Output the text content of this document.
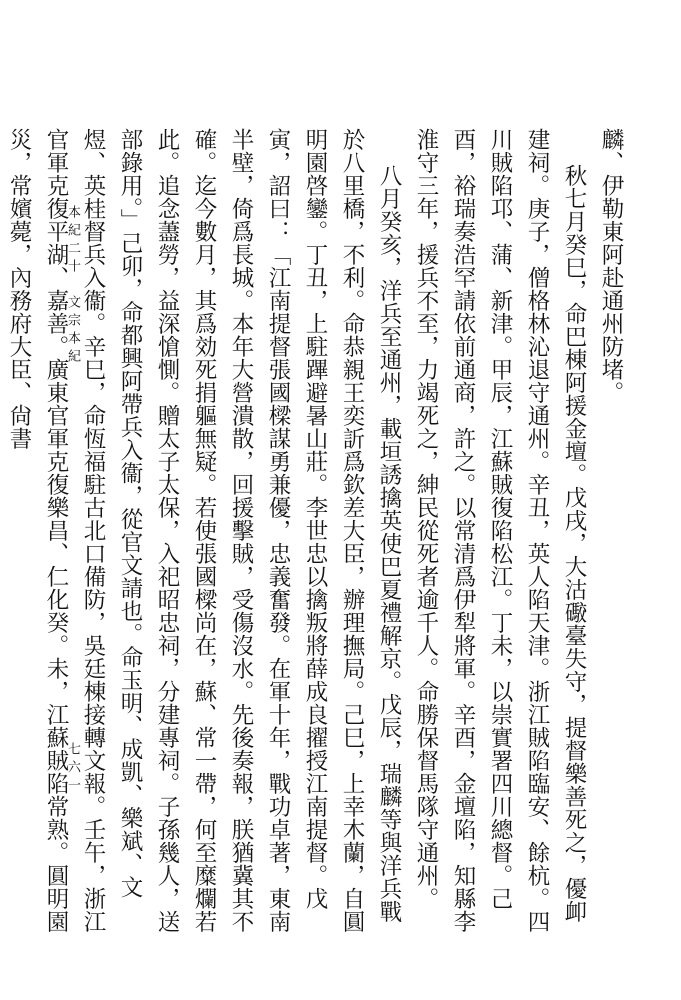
麟、伊勒東阿赴通州防堵。

秋七月癸巳，命巴棟阿援金壇。戊戌，大沽礮臺失守，提督樂善死之，優卹建祠。庚子，僧格林沁退守通州。辛丑，英人陷天津。浙江賊陷臨安、餘杭。四川賊陷邛、蒲、新津。甲辰，江蘇賊復陷松江。丁未，以崇實署四川總督。己酉，裕瑞奏浩罕請依前通商，許之。以常清爲伊犁將軍。辛酉，金壇陷，知縣李淮守三年，援兵不至，力竭死之，紳民從死者逾千人。命勝保督馬隊守通州。

八月癸亥，洋兵至通州，載垣誘擒英使巴夏禮解京。戊辰，瑞麟等與洋兵戰於八里橋，不利。命恭親王奕訢爲欽差大臣，辦理撫局。己巳，上幸木蘭，自圓明園啓鑾。丁丑，上駐蹕避暑山莊。李世忠以擒叛將薛成良擢授江南提督。戊寅，詔曰：「江南提督張國樑謀勇兼優，忠義奮發。在軍十年，戰功卓著，東南半壁，倚爲長城。本年大營潰散，回援擊賊，受傷沒水。先後奏報，朕猶冀其不確。迄今數月，其爲効死捐軀無疑。若使張國樑尚在，蘇、常一帶，何至糜爛若此。追念藎勞，益深愴惻。贈太子太保，入祀昭忠祠，分建專祠。子孫幾人，送部錄用。」己卯，命都興阿帶兵入衞，從官文請也。命玉明、成凱、樂斌、文煜、英桂督兵入衞。辛巳，命恆福駐古北口備防，吳廷棟接轉文報。壬午，浙江官軍克復平湖、嘉善。廣東官軍克復樂昌、仁化癸。未，江蘇賊陷常熟。圓明園災，常嬪薨，內務府大臣、尙書	本紀二十　文宗本紀
七六一
